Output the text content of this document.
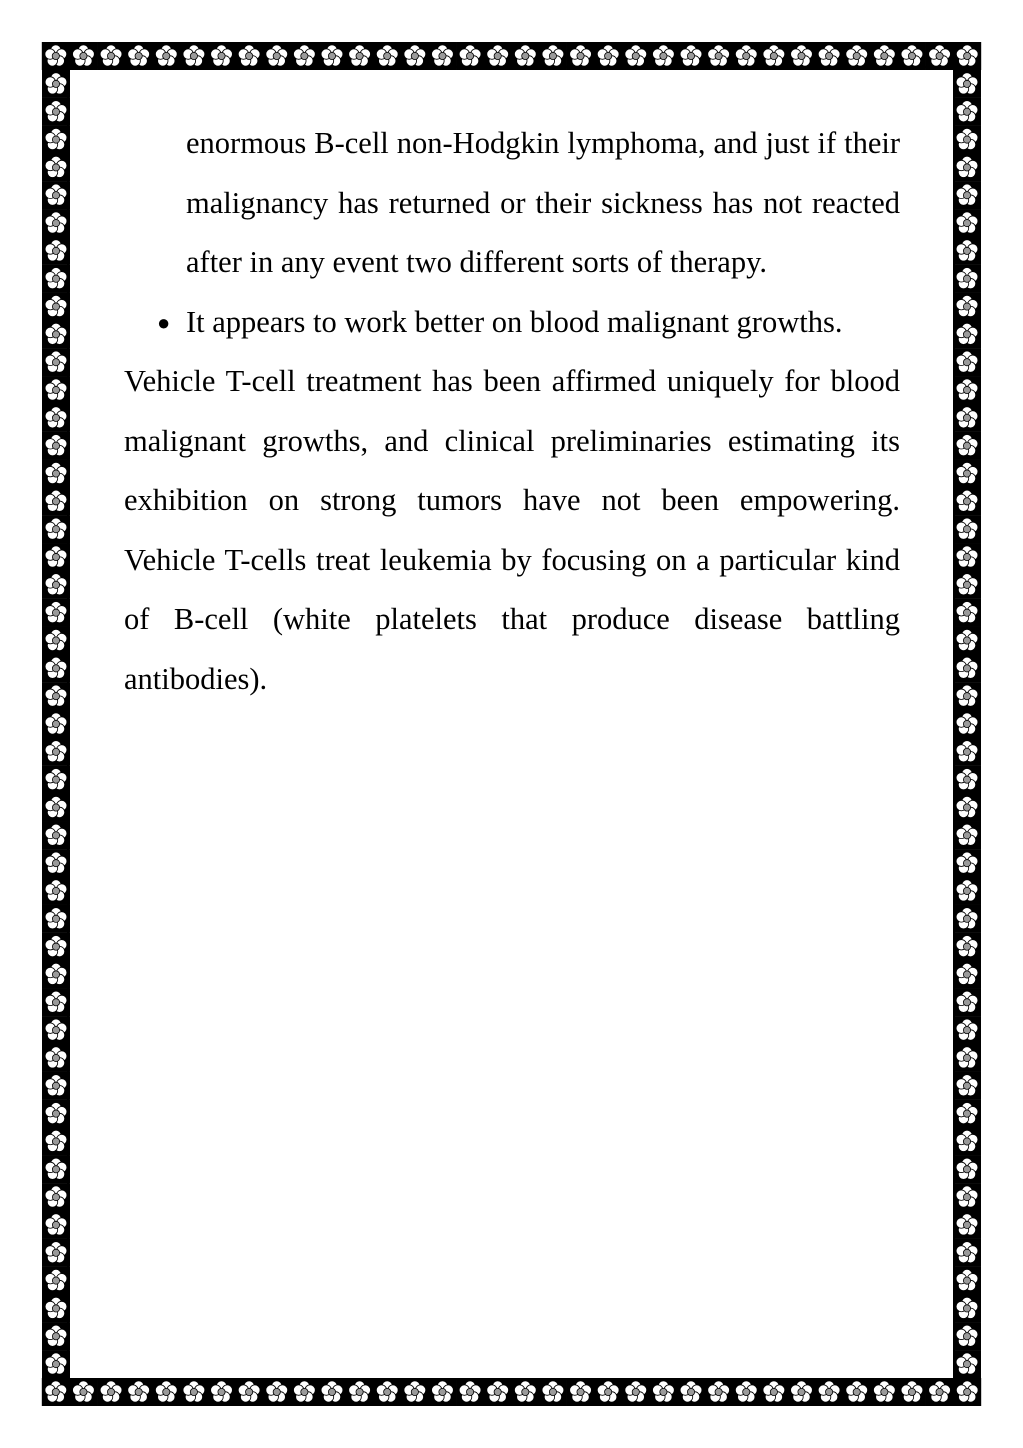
enormous B-cell non-Hodgkin lymphoma, and just if their malignancy has returned or their sickness has not reacted after in any event two different sorts of therapy.
● It appears to work better on blood malignant growths.

Vehicle T-cell treatment has been affirmed uniquely for blood malignant growths, and clinical preliminaries estimating its exhibition on strong tumors have not been empowering. Vehicle T-cells treat leukemia by focusing on a particular kind of B-cell (white platelets that produce disease battling antibodies).
